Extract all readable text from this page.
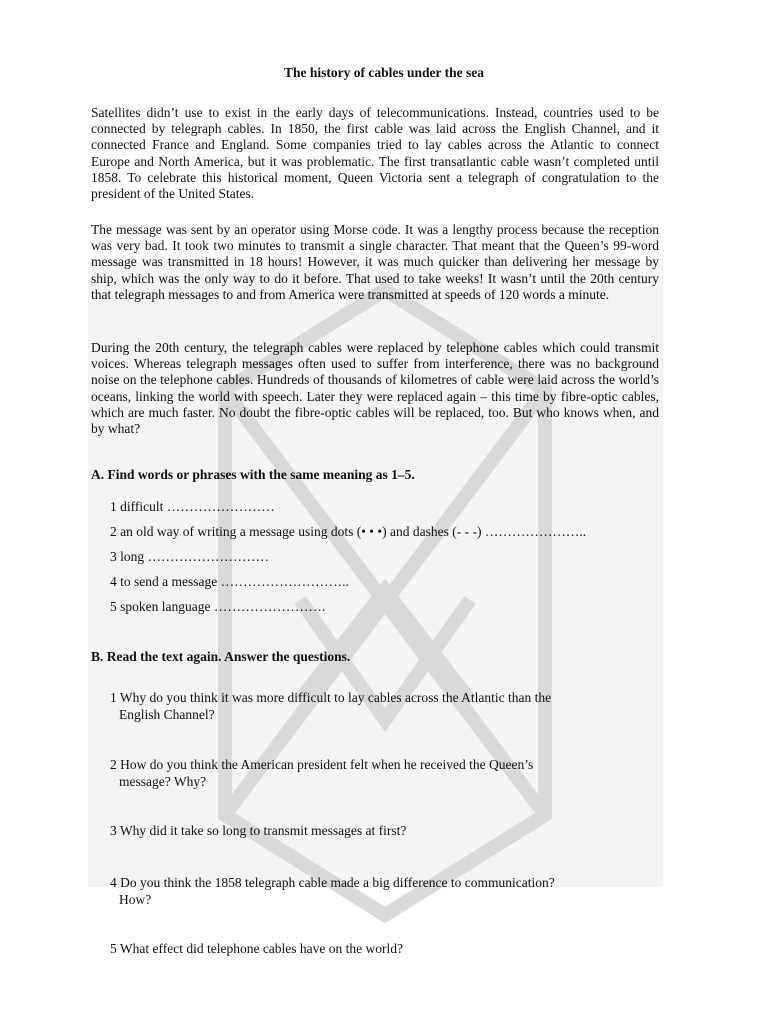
The history of cables under the sea

Satellites didn’t use to exist in the early days of telecommunications. Instead, countries used to be connected by telegraph cables. In 1850, the first cable was laid across the English Channel, and it connected France and England. Some companies tried to lay cables across the Atlantic to connect Europe and North America, but it was problematic. The first transatlantic cable wasn’t completed until 1858. To celebrate this historical moment, Queen Victoria sent a telegraph of congratulation to the president of the United States.

The message was sent by an operator using Morse code. It was a lengthy process because the reception was very bad. It took two minutes to transmit a single character. That meant that the Queen’s 99-word message was transmitted in 18 hours! However, it was much quicker than delivering her message by ship, which was the only way to do it before. That used to take weeks! It wasn’t until the 20th century that telegraph messages to and from America were transmitted at speeds of 120 words a minute.

During the 20th century, the telegraph cables were replaced by telephone cables which could transmit voices. Whereas telegraph messages often used to suffer from interference, there was no background noise on the telephone cables. Hundreds of thousands of kilometres of cable were laid across the world’s oceans, linking the world with speech. Later they were replaced again – this time by fibre-optic cables, which are much faster. No doubt the fibre-optic cables will be replaced, too. But who knows when, and by what?

A. Find words or phrases with the same meaning as 1–5.
1 difficult ……………………
2 an old way of writing a message using dots (• • •) and dashes (- - -) …………………..
3 long ………………………
4 to send a message ………………………..
5 spoken language …………………….
B. Read the text again. Answer the questions.
1 Why do you think it was more difficult to lay cables across the Atlantic than the
English Channel?
2 How do you think the American president felt when he received the Queen’s
message? Why?
3 Why did it take so long to transmit messages at first?
4 Do you think the 1858 telegraph cable made a big difference to communication?
How?
5 What effect did telephone cables have on the world?
